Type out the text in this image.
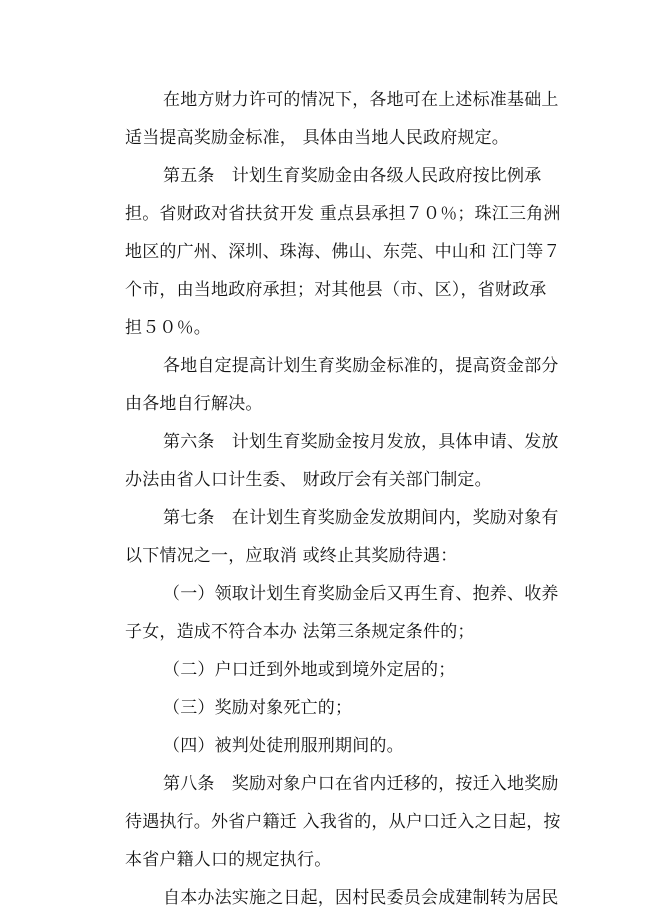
在地方财力许可的情况下，各地可在上述标准基础上
适当提高奖励金标准， 具体由当地人民政府规定。
第五条　计划生育奖励金由各级人民政府按比例承
担。省财政对省扶贫开发 重点县承担７０％；珠江三角洲
地区的广州、深圳、珠海、佛山、东莞、中山和 江门等７
个市，由当地政府承担；对其他县（市、区），省财政承
担５０％。
各地自定提高计划生育奖励金标准的，提高资金部分
由各地自行解决。
第六条　计划生育奖励金按月发放，具体申请、发放
办法由省人口计生委、 财政厅会有关部门制定。
第七条　在计划生育奖励金发放期间内，奖励对象有
以下情况之一，应取消 或终止其奖励待遇：
（一）领取计划生育奖励金后又再生育、抱养、收养
子女，造成不符合本办 法第三条规定条件的；
（二）户口迁到外地或到境外定居的；
（三）奖励对象死亡的；
（四）被判处徒刑服刑期间的。
第八条　奖励对象户口在省内迁移的，按迁入地奖励
待遇执行。外省户籍迁 入我省的，从户口迁入之日起，按
本省户籍人口的规定执行。
自本办法实施之日起，因村民委员会成建制转为居民
